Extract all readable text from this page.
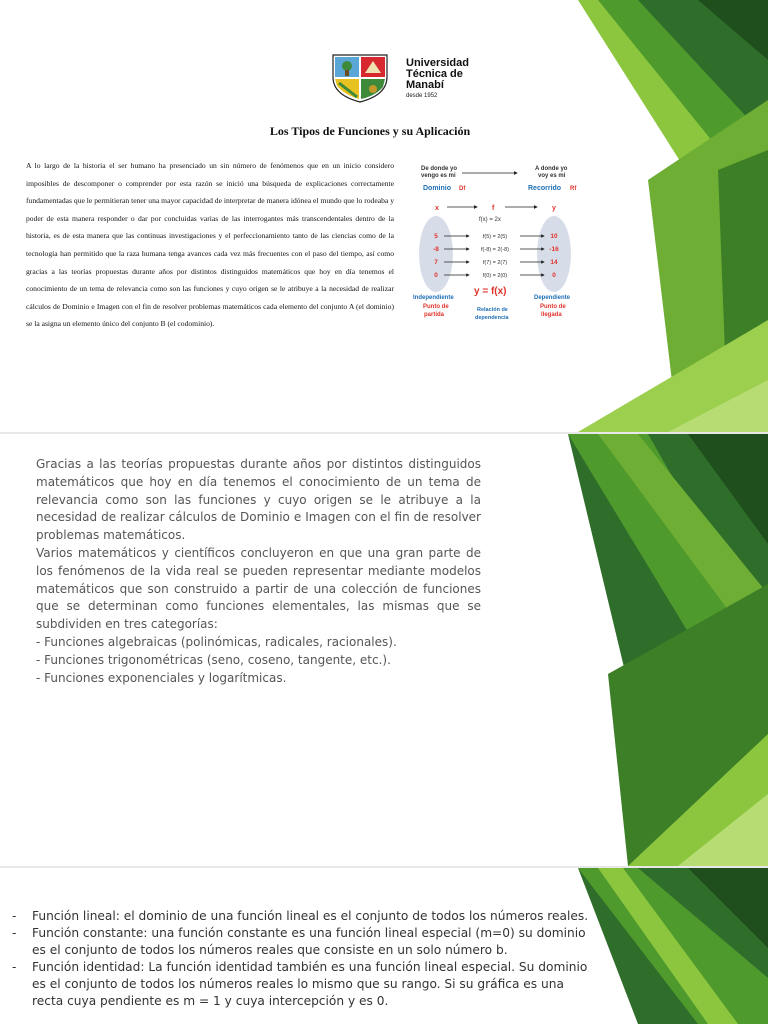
Universidad
Técnica de
Manabí
desde 1952
Los Tipos de Funciones y su Aplicación

A lo largo de la historia el ser humano ha presenciado un sin número de fenómenos que en un inicio considero imposibles de descomponer o comprender por esta razón se inició una búsqueda de explicaciones correctamente fundamentadas que le permitieran tener una mayor capacidad de interpretar de manera idónea el mundo que lo rodeaba y poder de esta manera responder o dar por concluidas varias de las interrogantes más transcendentales dentro de la historia, es de esta manera que las continuas investigaciones y el perfeccionamiento tanto de las ciencias como de la tecnología han permitido que la raza humana tenga avances cada vez más frecuentes con el paso del tiempo, así como gracias a las teorías propuestas durante años por distintos distinguidos matemáticos que hoy en día tenemos el conocimiento de un tema de relevancia como son las funciones y cuyo origen se le atribuye a la necesidad de realizar cálculos de Dominio e Imagen con el fin de resolver problemas matemáticos cada elemento del conjunto A (el dominio) se la asigna un elemento único del conjunto B (el codominio).

De donde yo
vengo es mi
A donde yo
voy es mi
Dominio Df	Recorrido Rf
x	f	y
f(x) = 2x
5	f(5) = 2(5)	10
-8	f(-8) = 2(-8)	-16
7	f(7) = 2(7)	14
0	f(0) = 2(0)	0
y = f(x)
Independiente
Punto de
partida
Relación de
dependencia
Dependiente
Punto de
llegada

Gracias a las teorías propuestas durante años por distintos distinguidos matemáticos que hoy en día tenemos el conocimiento de un tema de relevancia como son las funciones y cuyo origen se le atribuye a la necesidad de realizar cálculos de Dominio e Imagen con el fin de resolver problemas matemáticos.

Varios matemáticos y científicos concluyeron en que una gran parte de los fenómenos de la vida real se pueden representar mediante modelos matemáticos que son construido a partir de una colección de funciones que se determinan como funciones elementales, las mismas que se subdividen en tres categorías:

- Funciones algebraicas (polinómicas, radicales, racionales).

- Funciones trigonométricas (seno, coseno, tangente, etc.).

- Funciones exponenciales y logarítmicas.

- Función lineal: el dominio de una función lineal es el conjunto de todos los números reales.
- Función constante: una función constante es una función lineal especial (m=0) su dominio es el conjunto de todos los números reales que consiste en un solo número b.
- Función identidad: La función identidad también es una función lineal especial. Su dominio es el conjunto de todos los números reales lo mismo que su rango. Si su gráfica es una recta cuya pendiente es m = 1 y cuya intercepción y es 0.
